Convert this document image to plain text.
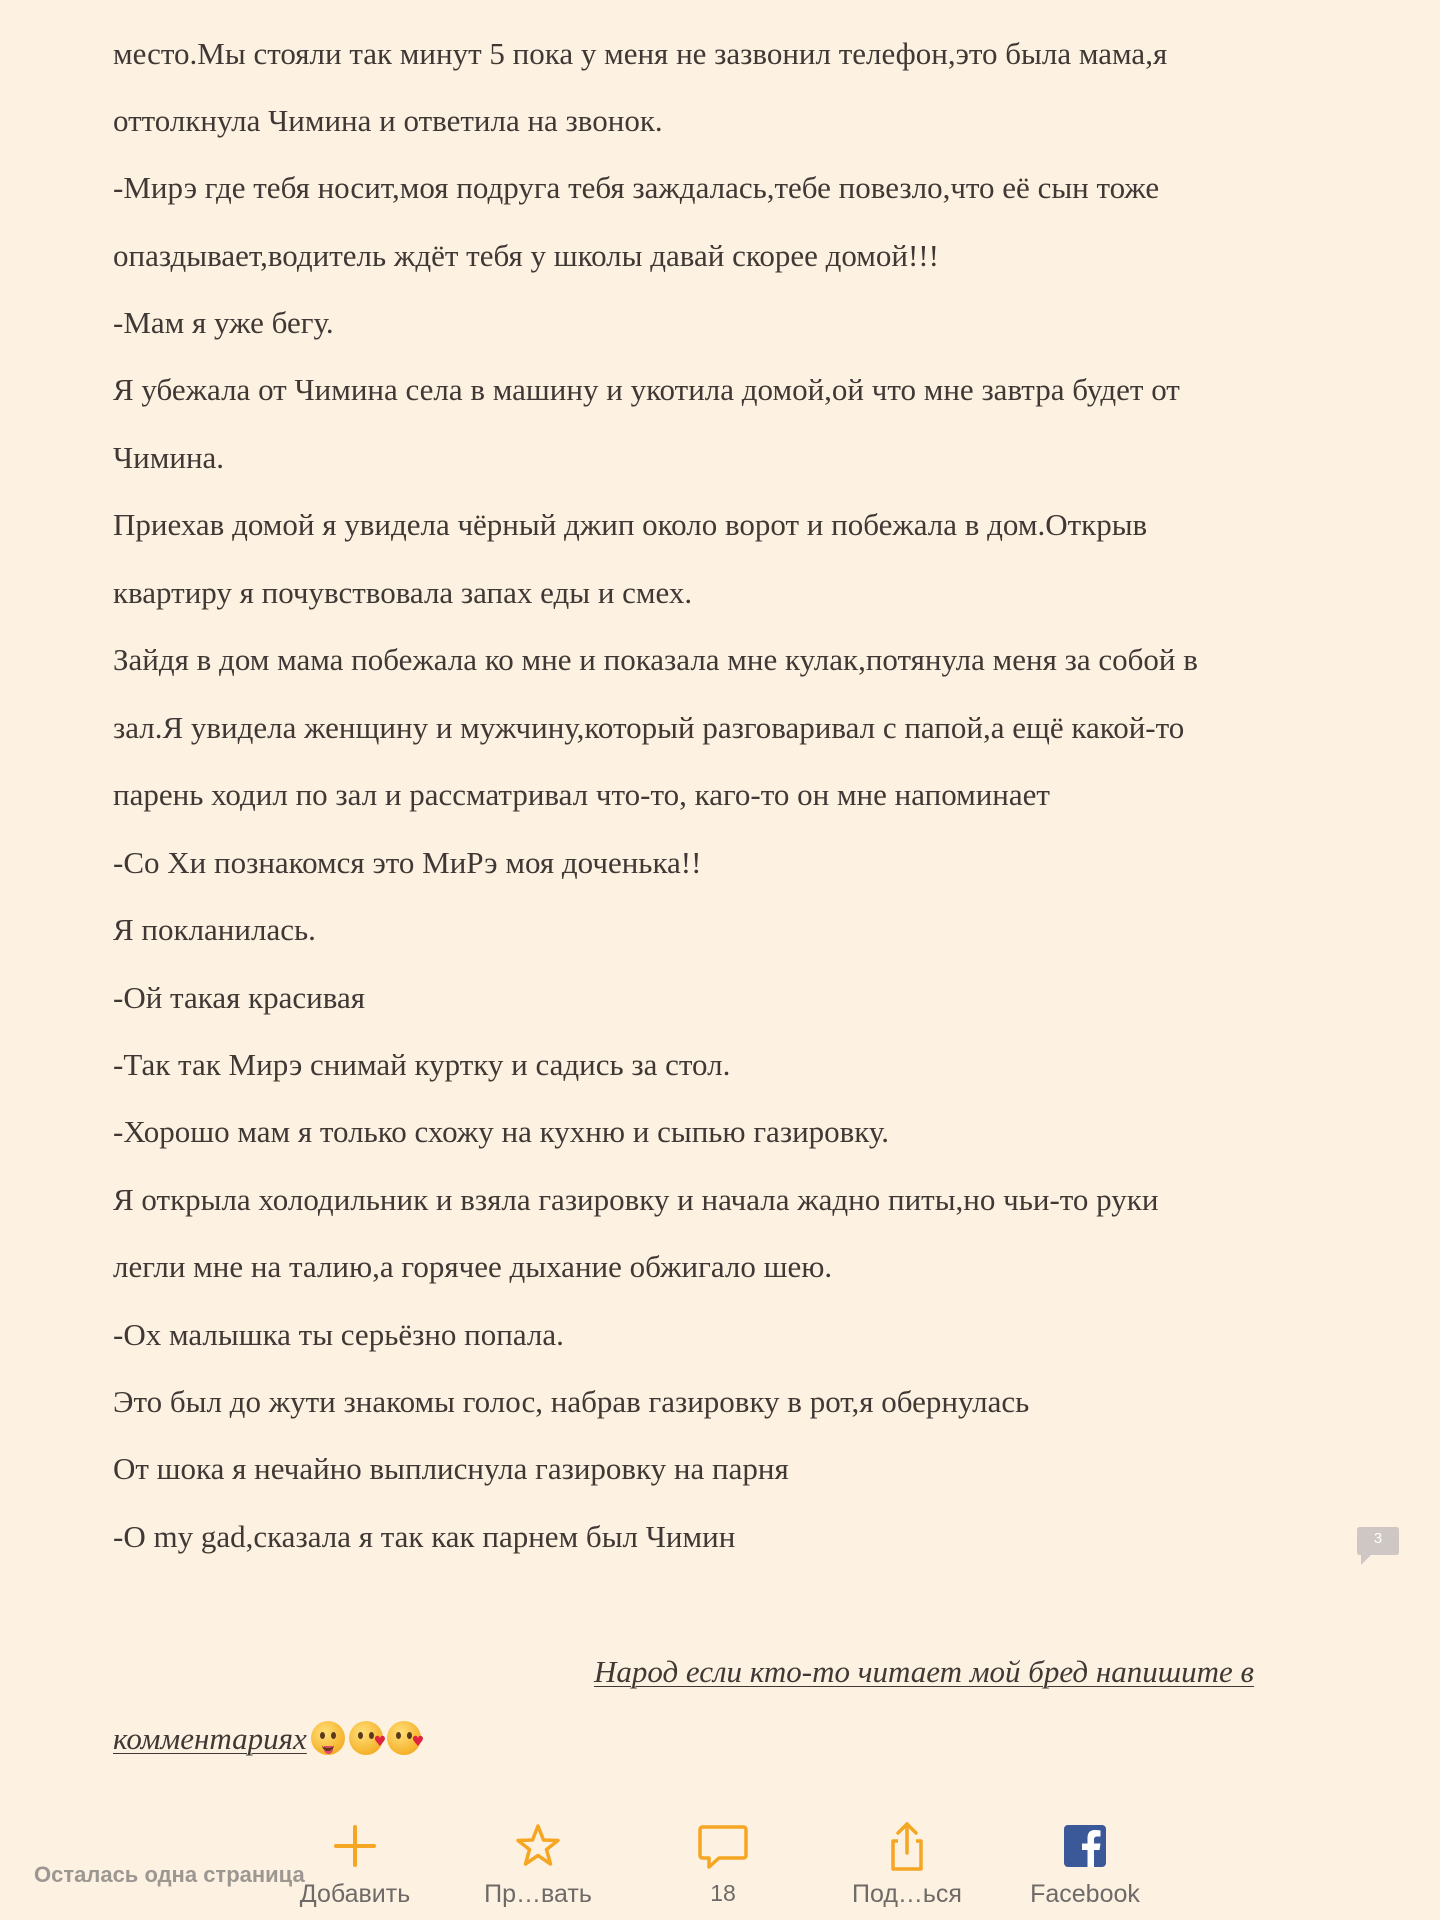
место.Мы стояли так минут 5 пока у меня не зазвонил телефон,это была мама,я
оттолкнула Чимина и ответила на звонок.
-Мирэ где тебя носит,моя подруга тебя заждалась,тебе повезло,что её сын тоже
опаздывает,водитель ждёт тебя у школы давай скорее домой!!!
-Мам я уже бегу.
Я убежала от Чимина села в машину и укотила домой,ой что мне завтра будет от
Чимина.
Приехав домой я увидела чёрный джип около ворот и побежала в дом.Открыв
квартиру я почувствовала запах еды и смех.
Зайдя в дом мама побежала ко мне и показала мне кулак,потянула меня за собой в
зал.Я увидела женщину и мужчину,который разговаривал с папой,а ещё какой-то
парень ходил по зал и рассматривал что-то, каго-то он мне напоминает
-Со Хи познакомся это МиРэ моя доченька!!
Я покланилась.
-Ой такая красивая
-Так так Мирэ снимай куртку и садись за стол.
-Хорошо мам я только схожу на кухню и сыпью газировку.
Я открыла холодильник и взяла газировку и начала жадно питы,но чьи-то руки
легли мне на талию,а горячее дыхание обжигало шею.
-Ох малышка ты серьёзно попала.
Это был до жути знакомы голос, набрав газировку в рот,я обернулась
От шока я нечайно выплиснула газировку на парня
-О my gad,сказала я так как парнем был Чимин
Народ если кто-то читает мой бред напишите в
комментариях	♥ ♥
3
Осталась одна страница
Добавить	Пр…вать	18	Под…ься	Facebook
